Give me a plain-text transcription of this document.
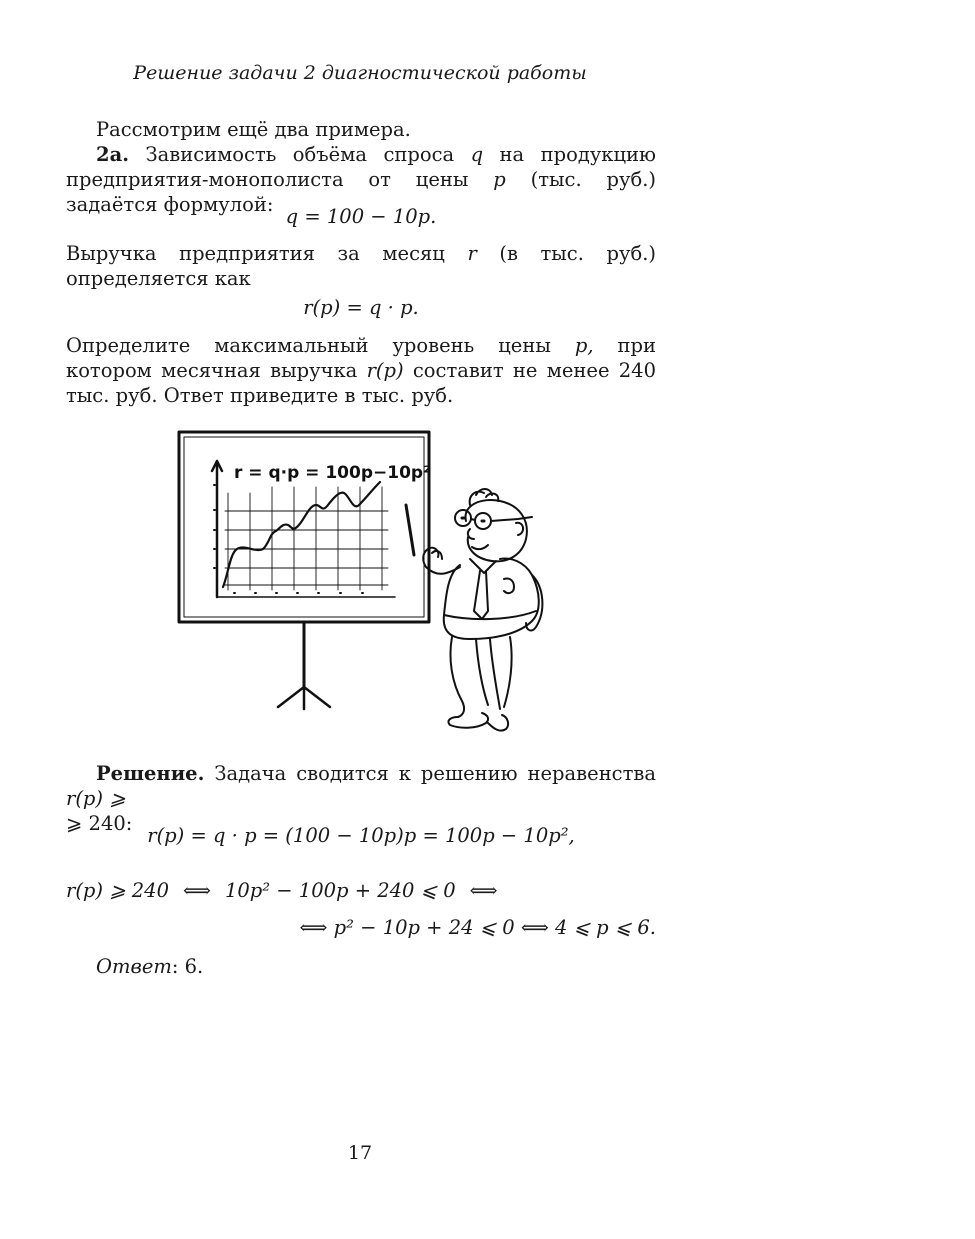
Решение задачи 2 диагностической работы
Рассмотрим ещё два примера.
2а. Зависимость объёма спроса q на продукцию предприятия-монополиста от цены p (тыс. руб.) задаётся формулой:
q = 100 − 10p.
Выручка предприятия за месяц r (в тыс. руб.) определяется как
r(p) = q · p.
Определите максимальный уровень цены p, при котором месячная выручка r(p) составит не менее 240 тыс. руб. Ответ приведите в тыс. руб.
r = q·p = 100p−10p²
Решение. Задача сводится к решению неравенства r(p) ⩾
⩾ 240:
r(p) = q · p = (100 − 10p)p = 100p − 10p²,
r(p) ⩾ 240 ⟺ 10p² − 100p + 240 ⩽ 0 ⟺
⟺ p² − 10p + 24 ⩽ 0 ⟺ 4 ⩽ p ⩽ 6.
Ответ: 6.
17
